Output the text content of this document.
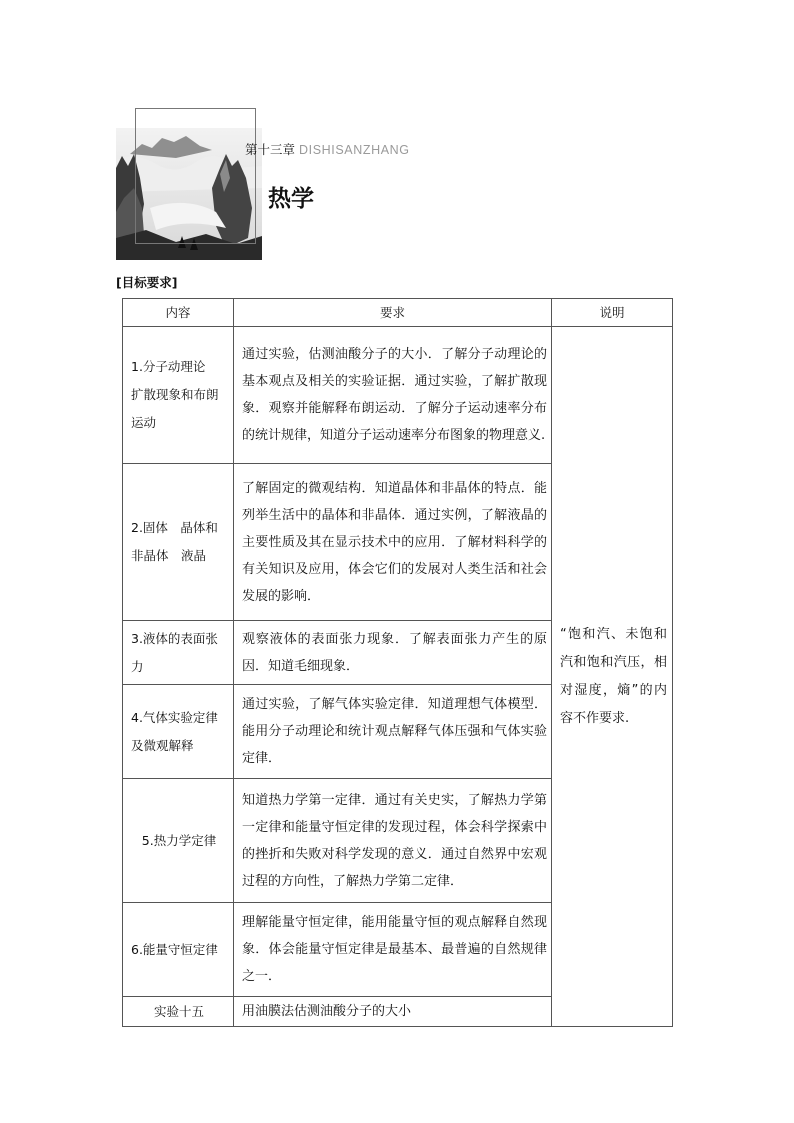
第十三章 DISHISANZHANG
热学
[目标要求]
内容	要求	说明
1.分子动理论　扩散现象和布朗运动	通过实验，估测油酸分子的大小．了解分子动理论的基本观点及相关的实验证据．通过实验，了解扩散现象．观察并能解释布朗运动．了解分子运动速率分布的统计规律，知道分子运动速率分布图象的物理意义.	“饱和汽、未饱和汽和饱和汽压，相对湿度，熵”的内容不作要求.
2.固体　晶体和非晶体　液晶	了解固定的微观结构．知道晶体和非晶体的特点．能列举生活中的晶体和非晶体．通过实例，了解液晶的主要性质及其在显示技术中的应用．了解材料科学的有关知识及应用，体会它们的发展对人类生活和社会发展的影响．	
3.液体的表面张力	观察液体的表面张力现象．了解表面张力产生的原因．知道毛细现象．	
4.气体实验定律及微观解释	通过实验，了解气体实验定律．知道理想气体模型．能用分子动理论和统计观点解释气体压强和气体实验定律．	
5.热力学定律	知道热力学第一定律．通过有关史实，了解热力学第一定律和能量守恒定律的发现过程，体会科学探索中的挫折和失败对科学发现的意义．通过自然界中宏观过程的方向性，了解热力学第二定律．	
6.能量守恒定律	理解能量守恒定律，能用能量守恒的观点解释自然现象．体会能量守恒定律是最基本、最普遍的自然规律之一．	
实验十五	用油膜法估测油酸分子的大小	
